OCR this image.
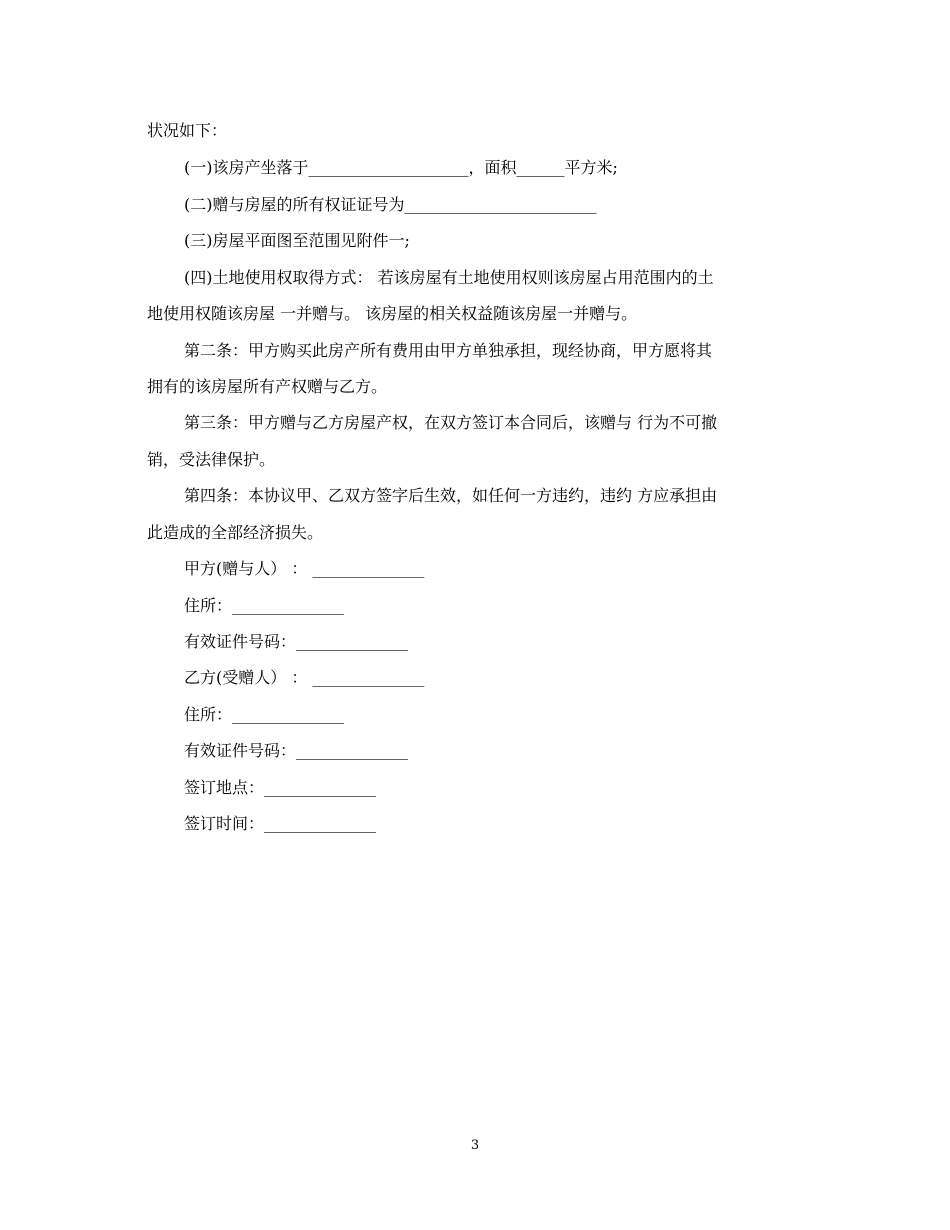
状况如下：
(一)该房产坐落于____________________，面积______平方米;
(二)赠与房屋的所有权证证号为________________________
(三)房屋平面图至范围见附件一;
(四)土地使用权取得方式： 若该房屋有土地使用权则该房屋占用范围内的土
地使用权随该房屋 一并赠与。 该房屋的相关权益随该房屋一并赠与。
第二条：甲方购买此房产所有费用由甲方单独承担，现经协商，甲方愿将其
拥有的该房屋所有产权赠与乙方。
第三条：甲方赠与乙方房屋产权，在双方签订本合同后，该赠与 行为不可撤
销，受法律保护。
第四条：本协议甲、乙双方签字后生效，如任何一方违约，违约 方应承担由
此造成的全部经济损失。
甲方(赠与人） ： ______________
住所：______________
有效证件号码：______________
乙方(受赠人） ： ______________
住所：______________
有效证件号码：______________
签订地点：______________
签订时间：______________
3
